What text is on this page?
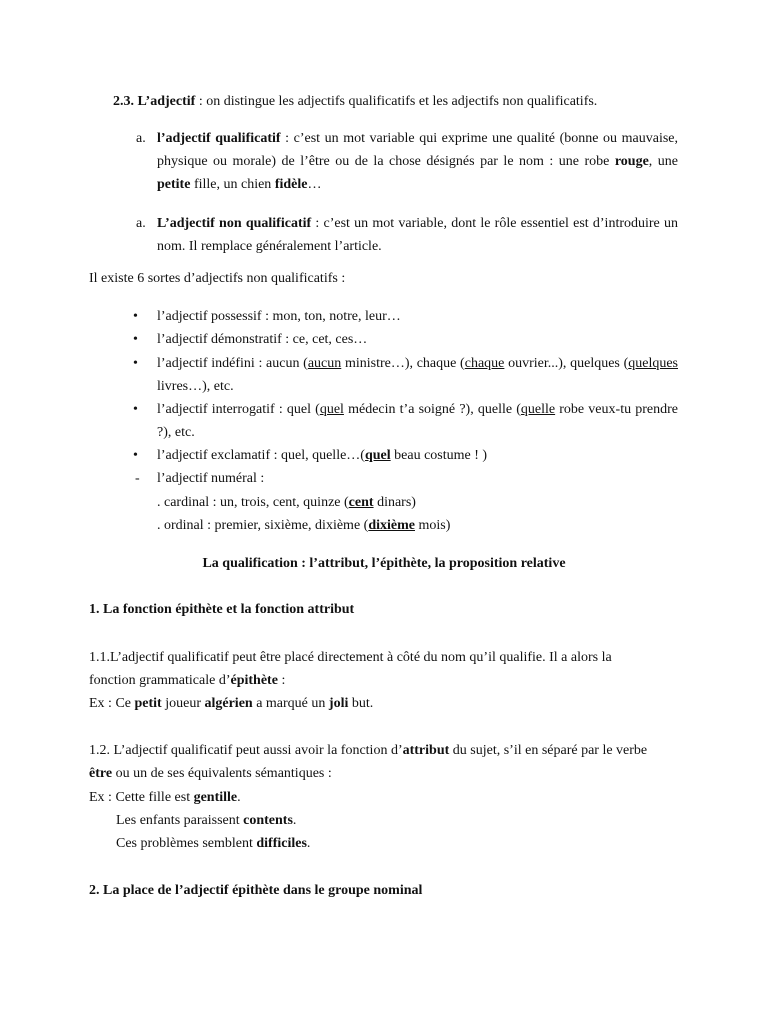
2.3. L’adjectif : on distingue les adjectifs qualificatifs et les adjectifs non qualificatifs.

a. l’adjectif qualificatif : c’est un mot variable qui exprime une qualité (bonne ou mauvaise, physique ou morale) de l’être ou de la chose désignés par le nom : une robe rouge, une petite fille, un chien fidèle…

a. L’adjectif non qualificatif : c’est un mot variable, dont le rôle essentiel est d’introduire un nom. Il remplace généralement l’article.

Il existe 6 sortes d’adjectifs non qualificatifs :

• l’adjectif possessif : mon, ton, notre, leur…

• l’adjectif démonstratif : ce, cet, ces…

• l’adjectif indéfini : aucun (aucun ministre…), chaque (chaque ouvrier...), quelques (quelques livres…), etc.

• l’adjectif interrogatif : quel (quel médecin t’a soigné ?), quelle (quelle robe veux-tu prendre ?), etc.

• l’adjectif exclamatif : quel, quelle…(quel beau costume ! )

- l’adjectif numéral :

. cardinal : un, trois, cent, quinze (cent dinars)

. ordinal : premier, sixième, dixième (dixième mois)

La qualification : l’attribut, l’épithète, la proposition relative

1. La fonction épithète et la fonction attribut

1.1.L’adjectif qualificatif peut être placé directement à côté du nom qu’il qualifie. Il a alors la fonction grammaticale d’épithète :

Ex : Ce petit joueur algérien a marqué un joli but.

1.2. L’adjectif qualificatif peut aussi avoir la fonction d’attribut du sujet, s’il en séparé par le verbe être ou un de ses équivalents sémantiques :

Ex : Cette fille est gentille.

Les enfants paraissent contents.

Ces problèmes semblent difficiles.

2. La place de l’adjectif épithète dans le groupe nominal
